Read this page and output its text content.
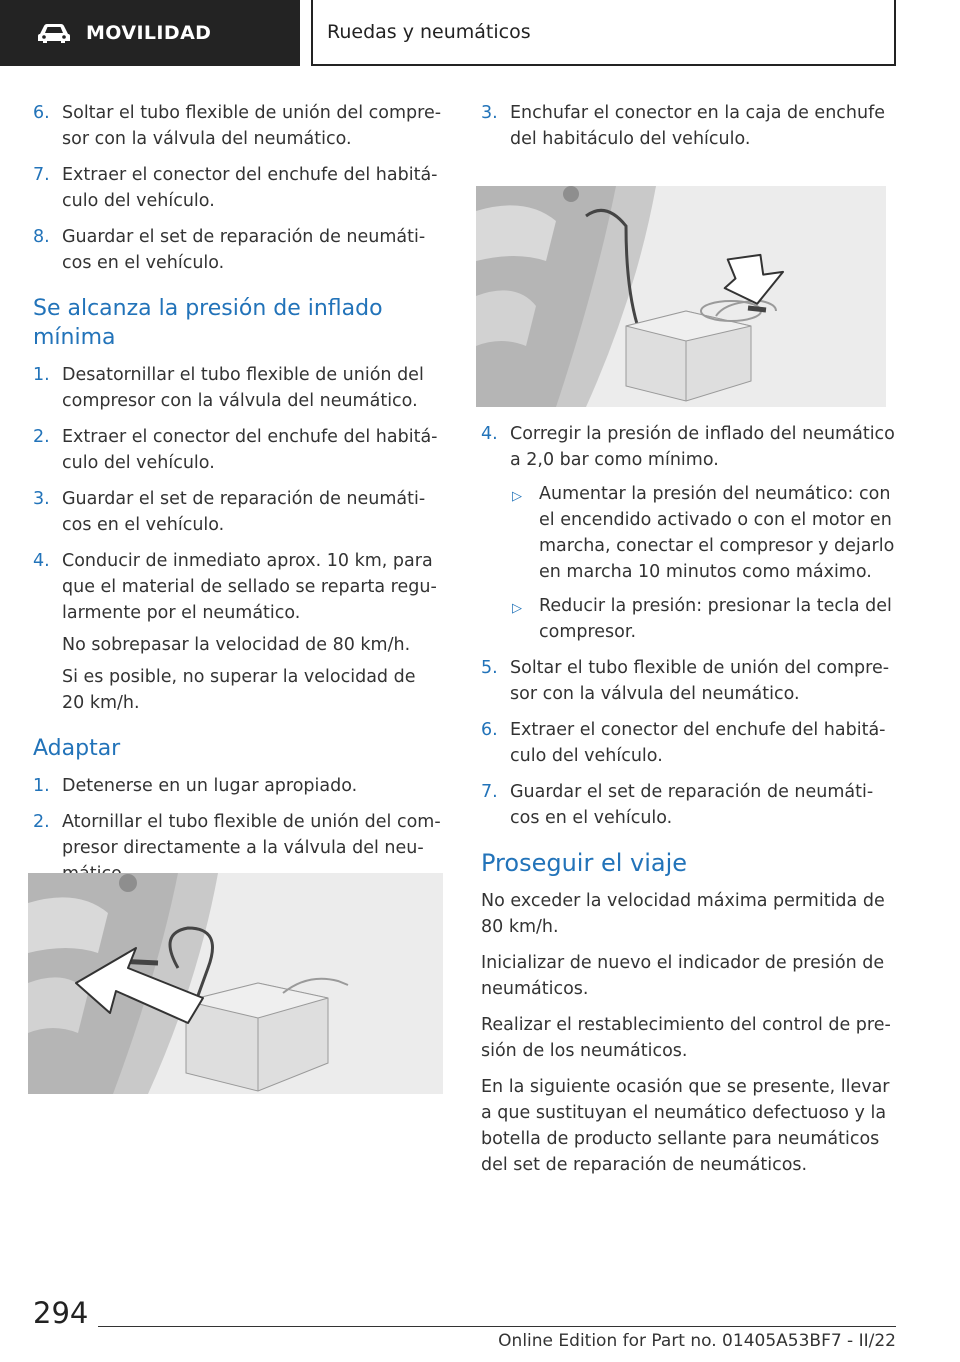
MOVILIDAD	Ruedas y neumáticos
6. Soltar el tubo flexible de unión del compre‐ sor con la válvula del neumático.
7. Extraer el conector del enchufe del habitá‐ culo del vehículo.
8. Guardar el set de reparación de neumáti‐ cos en el vehículo.
Se alcanza la presión de inflado mínima
1. Desatornillar el tubo flexible de unión del compresor con la válvula del neumático.
2. Extraer el conector del enchufe del habitá‐ culo del vehículo.
3. Guardar el set de reparación de neumáti‐ cos en el vehículo.
4. Conducir de inmediato aprox. 10 km, para que el material de sellado se reparta regu‐ larmente por el neumático.
No sobrepasar la velocidad de 80 km/h.
Si es posible, no superar la velocidad de 20 km/h.
Adaptar
1. Detenerse en un lugar apropiado.
2. Atornillar el tubo flexible de unión del com‐ presor directamente a la válvula del neu‐
3. Enchufar el conector en la caja de enchufe del habitáculo del vehículo.
4. Corregir la presión de inflado del neumático a 2,0 bar como mínimo.
▷ Aumentar la presión del neumático: con el encendido activado o con el motor en marcha, conectar el compresor y dejarlo en marcha 10 minutos como máximo.
▷ Reducir la presión: presionar la tecla del compresor.
5. Soltar el tubo flexible de unión del compre‐ sor con la válvula del neumático.
6. Extraer el conector del enchufe del habitá‐ culo del vehículo.
7. Guardar el set de reparación de neumáti‐ cos en el vehículo.
Proseguir el viaje
No exceder la velocidad máxima permitida de 80 km/h.
Inicializar de nuevo el indicador de presión de neumáticos.
Realizar el restablecimiento del control de pre‐ sión de los neumáticos.
En la siguiente ocasión que se presente, llevar a que sustituyan el neumático defectuoso y la botella de producto sellante para neumáticos del set de reparación de neumáticos.
294
Online Edition for Part no. 01405A53BF7 - II/22
